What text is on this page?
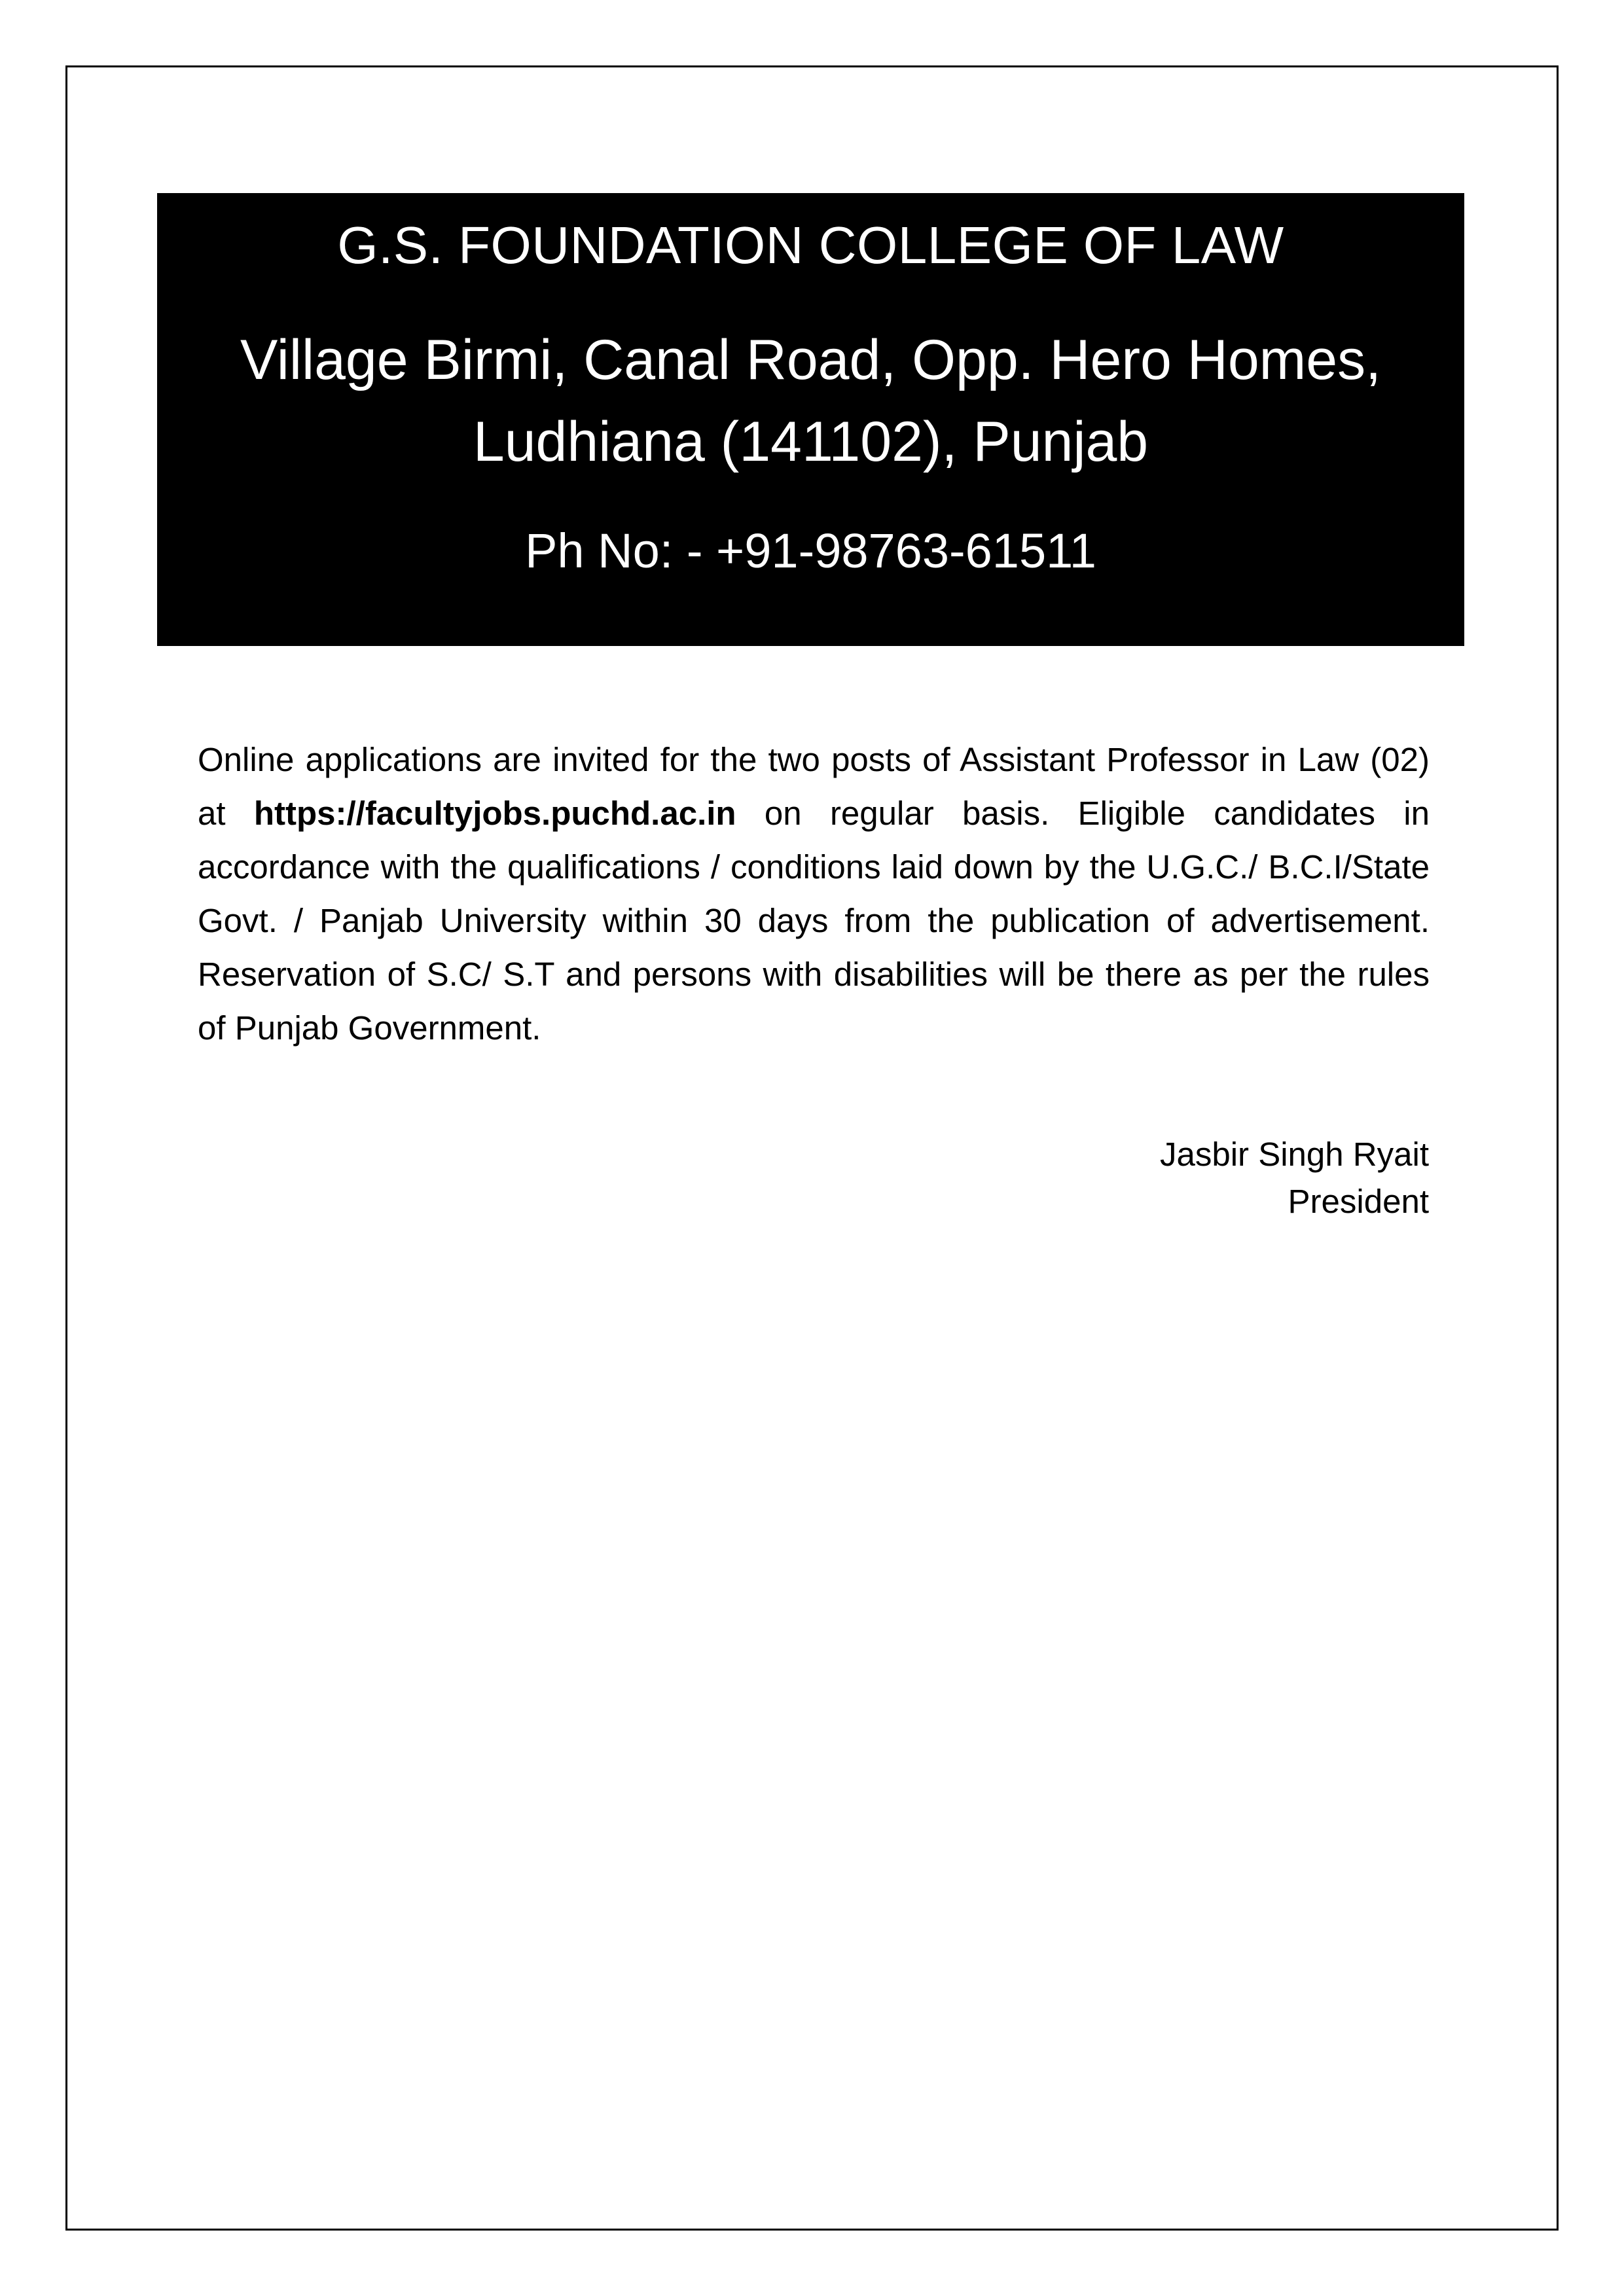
G.S. FOUNDATION COLLEGE OF LAW
Village Birmi, Canal Road, Opp. Hero Homes,
Ludhiana (141102), Punjab
Ph No: - +91-98763-61511
Online applications are invited for the two posts of Assistant Professor in Law (02) at https://facultyjobs.puchd.ac.in on regular basis. Eligible candidates in accordance with the qualifications / conditions laid down by the U.G.C./ B.C.I/State Govt. / Panjab University within 30 days from the publication of advertisement. Reservation of S.C/ S.T and persons with disabilities will be there as per the rules of Punjab Government.
Jasbir Singh Ryait
President
